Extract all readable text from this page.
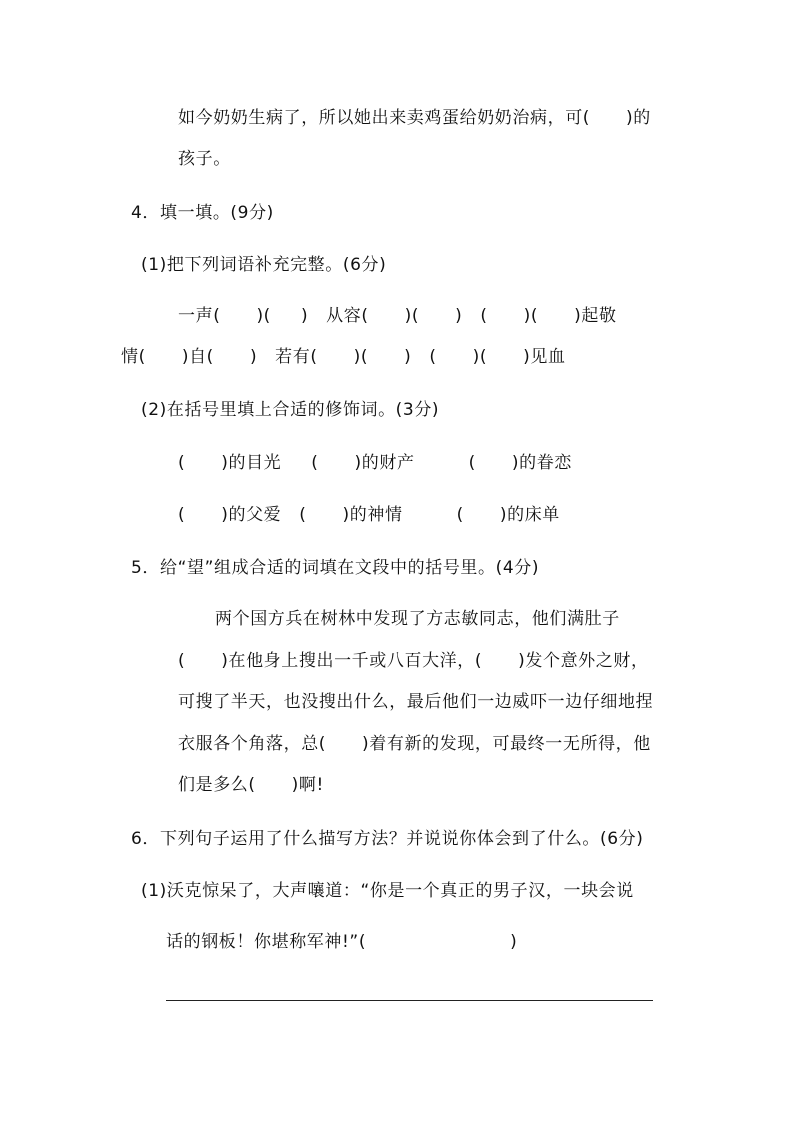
如今奶奶生病了，所以她出来卖鸡蛋给奶奶治病，可(      )的
孩子。
4．填一填。(9分)
(1)把下列词语补充完整。(6分)
一声(      )(     )   从容(      )(      )   (      )(      )起敬
情(      )自(      )   若有(      )(      )   (      )(      )见血
(2)在括号里填上合适的修饰词。(3分)
(      )的目光     (      )的财产         (      )的眷恋
(      )的父爱   (      )的神情         (      )的床单
5．给“望”组成合适的词填在文段中的括号里。(4分)
两个国方兵在树林中发现了方志敏同志，他们满肚子
(      )在他身上搜出一千或八百大洋，(      )发个意外之财，
可搜了半天，也没搜出什么，最后他们一边威吓一边仔细地捏
衣服各个角落，总(      )着有新的发现，可最终一无所得，他
们是多么(      )啊!
6．下列句子运用了什么描写方法？并说说你体会到了什么。(6分)
(1)沃克惊呆了，大声嚷道：“你是一个真正的男子汉，一块会说
话的钢板！你堪称军神!”(                        )
